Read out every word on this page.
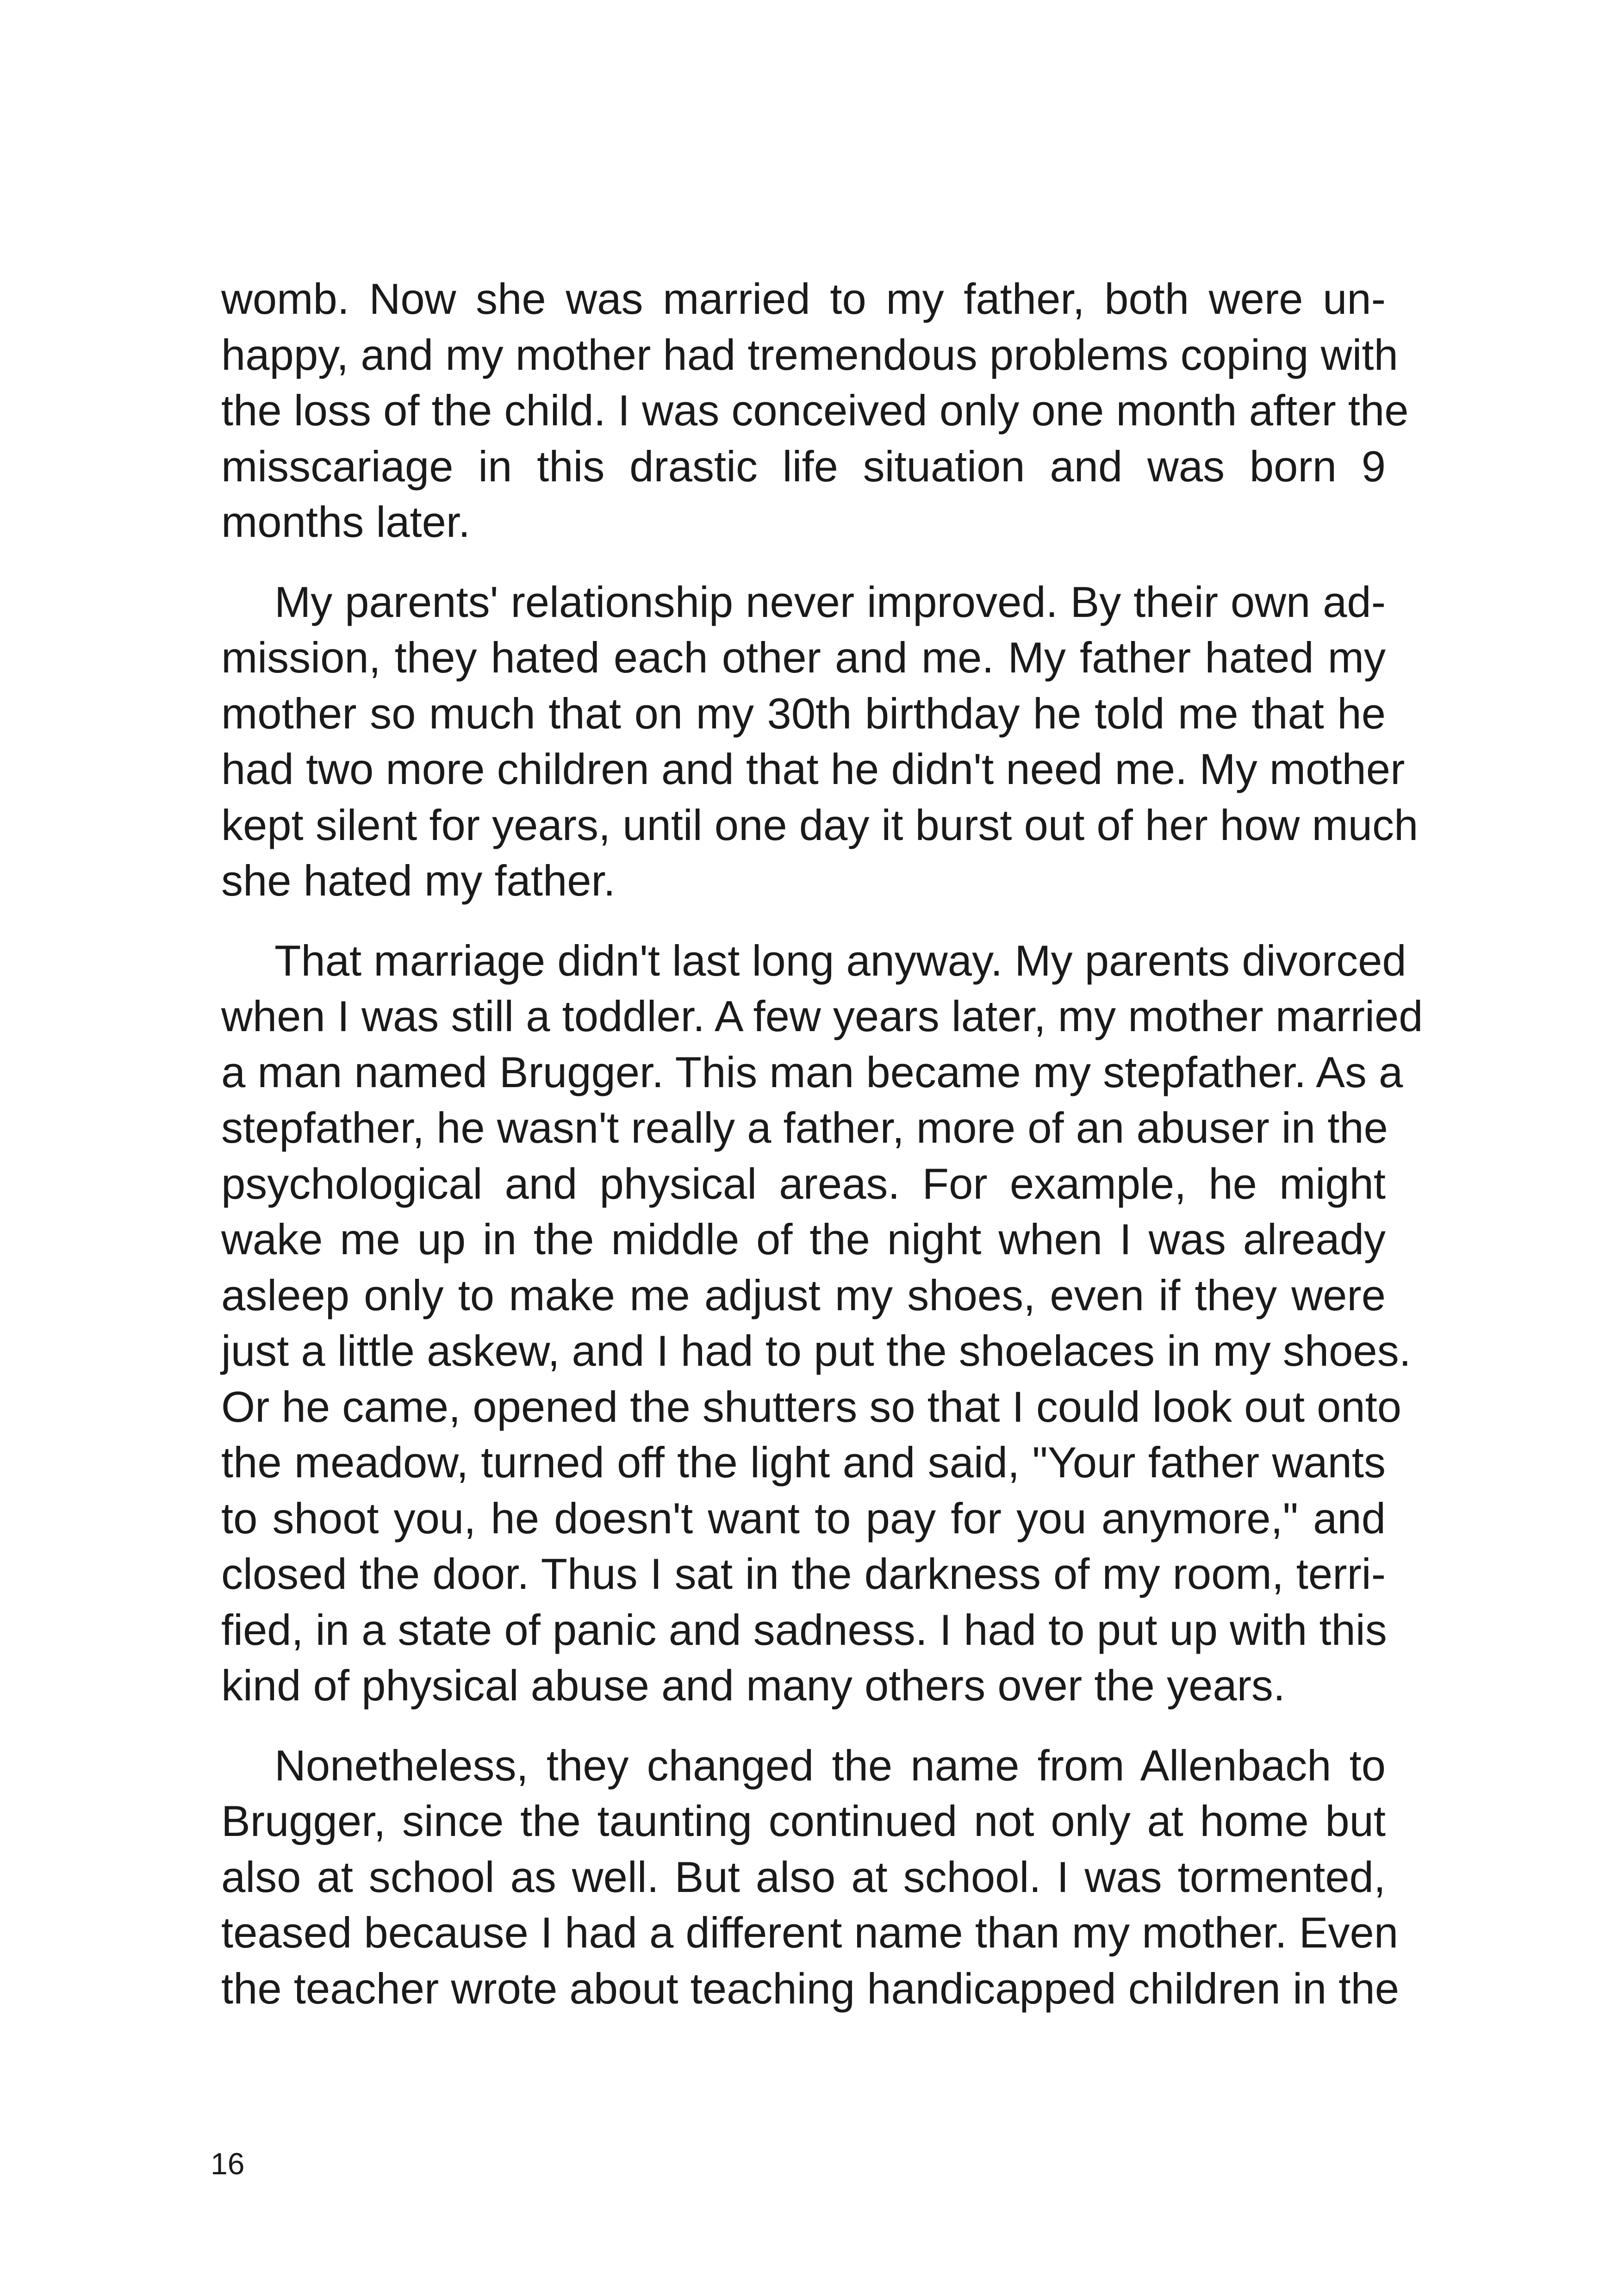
womb. Now she was married to my father, both were un-
happy, and my mother had tremendous problems coping with
the loss of the child. I was conceived only one month after the
misscariage in this drastic life situation and was born 9
months later.

My parents' relationship never improved. By their own ad-
mission, they hated each other and me. My father hated my
mother so much that on my 30th birthday he told me that he
had two more children and that he didn't need me. My mother
kept silent for years, until one day it burst out of her how much
she hated my father.

That marriage didn't last long anyway. My parents divorced
when I was still a toddler. A few years later, my mother married
a man named Brugger. This man became my stepfather. As a
stepfather, he wasn't really a father, more of an abuser in the
psychological and physical areas. For example, he might
wake me up in the middle of the night when I was already
asleep only to make me adjust my shoes, even if they were
just a little askew, and I had to put the shoelaces in my shoes.
Or he came, opened the shutters so that I could look out onto
the meadow, turned off the light and said, "Your father wants
to shoot you, he doesn't want to pay for you anymore," and
closed the door. Thus I sat in the darkness of my room, terri-
fied, in a state of panic and sadness. I had to put up with this
kind of physical abuse and many others over the years.

Nonetheless, they changed the name from Allenbach to
Brugger, since the taunting continued not only at home but
also at school as well. But also at school. I was tormented,
teased because I had a different name than my mother. Even
the teacher wrote about teaching handicapped children in the

16
